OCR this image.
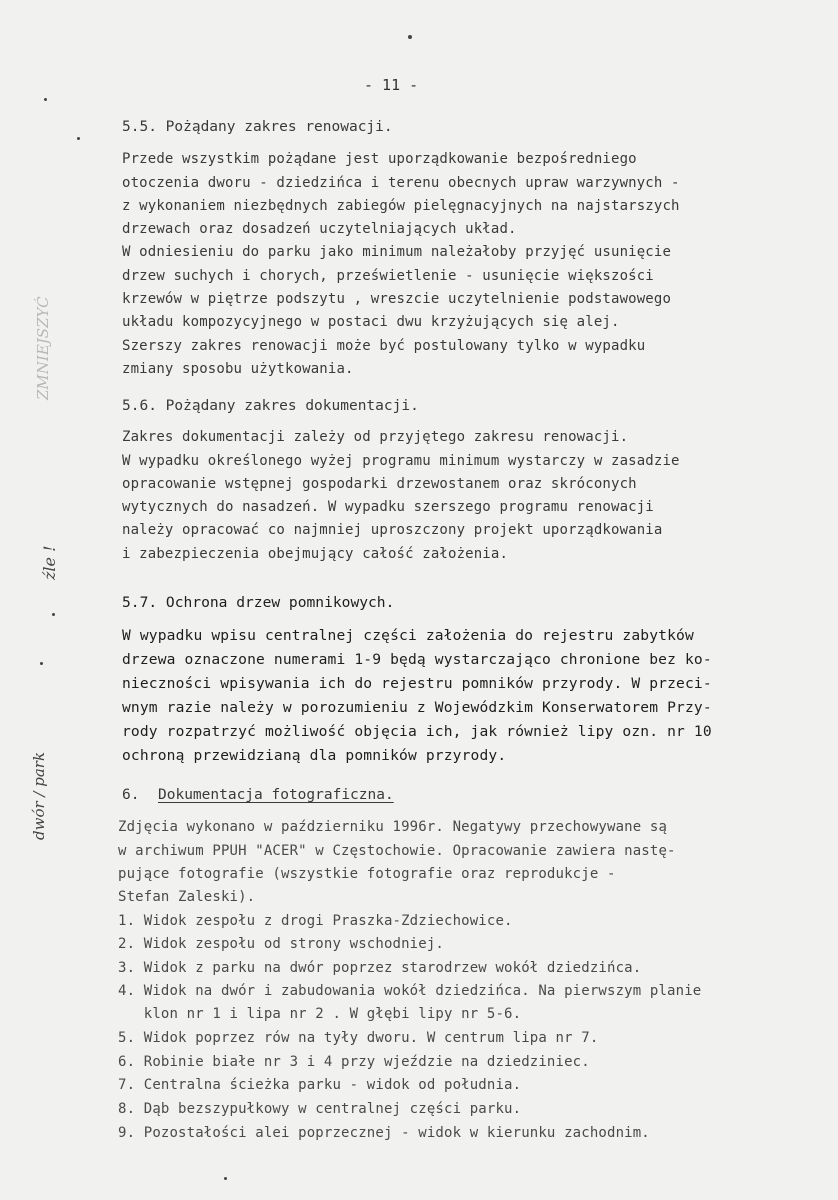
- 11 -
5.5. Pożądany zakres renowacji.
Przede wszystkim pożądane jest uporządkowanie bezpośredniego
otoczenia dworu - dziedzińca i terenu obecnych upraw warzywnych -
z wykonaniem niezbędnych zabiegów pielęgnacyjnych na najstarszych
drzewach oraz dosadzeń uczytelniających układ.
W odniesieniu do parku jako minimum należałoby przyjęć usunięcie
drzew suchych i chorych, prześwietlenie - usunięcie większości
krzewów w piętrze podszytu , wreszcie uczytelnienie podstawowego
układu kompozycyjnego w postaci dwu krzyżujących się alej.
Szerszy zakres renowacji może być postulowany tylko w wypadku
zmiany sposobu użytkowania.
5.6. Pożądany zakres dokumentacji.
Zakres dokumentacji zależy od przyjętego zakresu renowacji.
W wypadku określonego wyżej programu minimum wystarczy w zasadzie
opracowanie wstępnej gospodarki drzewostanem oraz skróconych
wytycznych do nasadzeń. W wypadku szerszego programu renowacji
należy opracować co najmniej uproszczony projekt uporządkowania
i zabezpieczenia obejmujący całość założenia.
5.7. Ochrona drzew pomnikowych.
W wypadku wpisu centralnej części założenia do rejestru zabytków
drzewa oznaczone numerami 1-9 będą wystarczająco chronione bez ko-
nieczności wpisywania ich do rejestru pomników przyrody. W przeci-
wnym razie należy w porozumieniu z Wojewódzkim Konserwatorem Przy-
rody rozpatrzyć możliwość objęcia ich, jak również lipy ozn. nr 10
ochroną przewidzianą dla pomników przyrody.
6. Dokumentacja fotograficzna.
Zdjęcia wykonano w październiku 1996r. Negatywy przechowywane są
w archiwum PPUH "ACER" w Częstochowie. Opracowanie zawiera nastę-
pujące fotografie (wszystkie fotografie oraz reprodukcje -
Stefan Zaleski).
1. Widok zespołu z drogi Praszka-Zdziechowice.
2. Widok zespołu od strony wschodniej.
3. Widok z parku na dwór poprzez starodrzew wokół dziedzińca.
4. Widok na dwór i zabudowania wokół dziedzińca. Na pierwszym planie
klon nr 1 i lipa nr 2 . W głębi lipy nr 5-6.
5. Widok poprzez rów na tyły dworu. W centrum lipa nr 7.
6. Robinie białe nr 3 i 4 przy wjeździe na dziedziniec.
7. Centralna ścieżka parku - widok od południa.
8. Dąb bezszypułkowy w centralnej części parku.
9. Pozostałości alei poprzecznej - widok w kierunku zachodnim.
ZMNIEJSZYĆ
źle !
dwór / park
